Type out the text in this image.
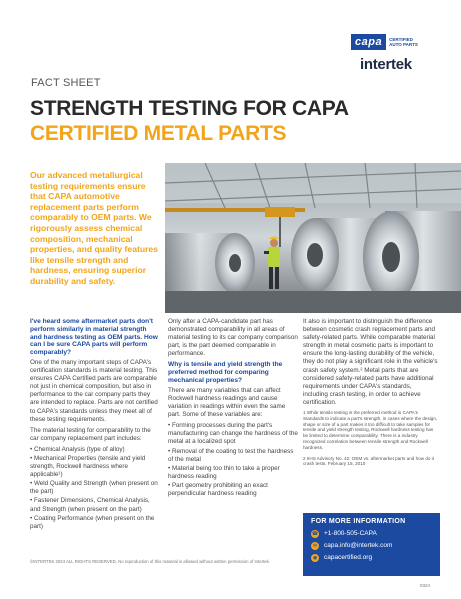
capa	CERTIFIED AUTO PARTS
intertek
FACT SHEET
STRENGTH TESTING FOR CAPA
CERTIFIED METAL PARTS
Our advanced metallurgical testing requirements ensure that CAPA automotive replacement parts perform comparably to OEM parts. We rigorously assess chemical composition, mechanical properties, and quality features like tensile strength and hardness, ensuring superior durability and safety.
I've heard some aftermarket parts don't perform similarly in material strength and hardness testing as OEM parts. How can I be sure CAPA parts will perform comparably?
One of the many important steps of CAPA's certification standards is material testing. This ensures CAPA Certified parts are comparable not just in chemical composition, but also in performance to the car company parts they are intended to replace. Parts are not certified to CAPA's standards unless they meet all of these testing requirements.
The material testing for comparability to the car company replacement part includes:
• Chemical Analysis (type of alloy)
• Mechanical Properties (tensile and yield strength, Rockwell hardness where applicable¹)
• Weld Quality and Strength (when present on the part)
• Fastener Dimensions, Chemical Analysis, and Strength (when present on the part)
• Coating Performance (when present on the part)
Only after a CAPA-candidate part has demonstrated comparability in all areas of material testing to its car company comparison part, is the part deemed comparable in performance.
Why is tensile and yield strength the preferred method for comparing mechanical properties?
There are many variables that can affect Rockwell hardness readings and cause variation in readings within even the same part. Some of these variables are:
• Forming processes during the part's manufacturing can change the hardness of the metal at a localized spot
• Removal of the coating to test the hardness of the metal
• Material being too thin to take a proper hardness reading
• Part geometry prohibiting an exact perpendicular hardness reading
It also is important to distinguish the difference between cosmetic crash replacement parts and safety-related parts. While comparable material strength in metal cosmetic parts is important to ensure the long-lasting durability of the vehicle, they do not play a significant role in the vehicle's crash safety system.² Metal parts that are considered safety-related parts have additional requirements under CAPA's standards, including crash testing, in order to achieve certification.
1 While tensile testing is the preferred method in CAPA's Standards to indicate a part's strength, in cases where the design, shape or size of a part makes it too difficult to take samples for tensile and yield strength testing, Rockwell hardness testing has be limited to determine comparability. There is a industry recognized correlation between tensile strength and Rockwell hardness.
2 IIHS Advisory No. 42: OEM vs. aftermarket parts and how do it crash tests, February 15, 2010
FOR MORE INFORMATION
☎ +1-800-505-CAPA
✉ capa.info@intertek.com
◉ capacertified.org
©INTERTEK 2024 ALL RIGHTS RESERVED. No reproduction of this material is allowed without written permission of Intertek.
0324
